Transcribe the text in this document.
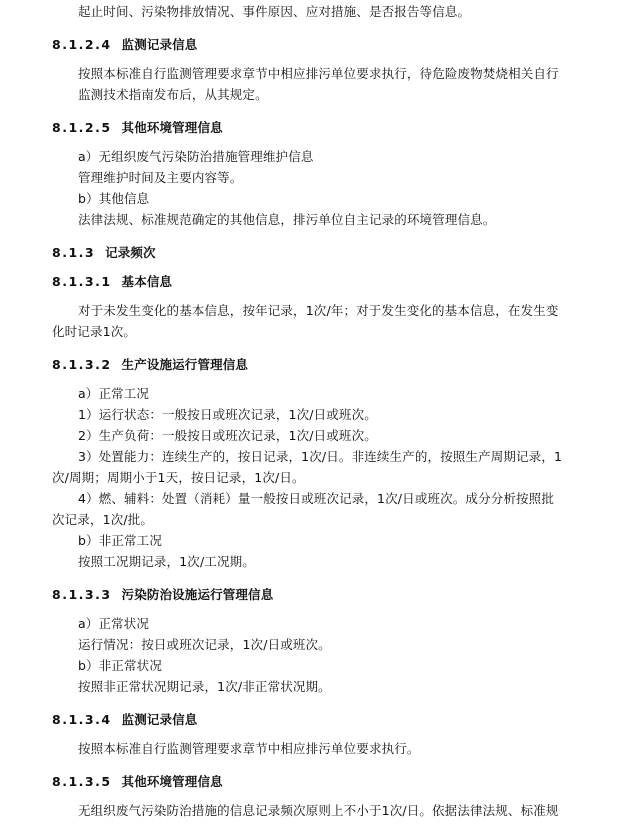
起止时间、污染物排放情况、事件原因、应对措施、是否报告等信息。
8.1.2.4 监测记录信息
按照本标准自行监测管理要求章节中相应排污单位要求执行，待危险废物焚烧相关自行
监测技术指南发布后，从其规定。
8.1.2.5 其他环境管理信息
a）无组织废气污染防治措施管理维护信息
管理维护时间及主要内容等。
b）其他信息
法律法规、标准规范确定的其他信息，排污单位自主记录的环境管理信息。
8.1.3 记录频次
8.1.3.1 基本信息
对于未发生变化的基本信息，按年记录，1次/年；对于发生变化的基本信息，在发生变
化时记录1次。
8.1.3.2 生产设施运行管理信息
a）正常工况
1）运行状态：一般按日或班次记录，1次/日或班次。
2）生产负荷：一般按日或班次记录，1次/日或班次。
3）处置能力：连续生产的，按日记录，1次/日。非连续生产的，按照生产周期记录，1
次/周期；周期小于1天，按日记录，1次/日。
4）燃、辅料：处置（消耗）量一般按日或班次记录，1次/日或班次。成分分析按照批
次记录，1次/批。
b）非正常工况
按照工况期记录，1次/工况期。
8.1.3.3 污染防治设施运行管理信息
a）正常状况
运行情况：按日或班次记录，1次/日或班次。
b）非正常状况
按照非正常状况期记录，1次/非正常状况期。
8.1.3.4 监测记录信息
按照本标准自行监测管理要求章节中相应排污单位要求执行。
8.1.3.5 其他环境管理信息
无组织废气污染防治措施的信息记录频次原则上不小于1次/日。依据法律法规、标准规
